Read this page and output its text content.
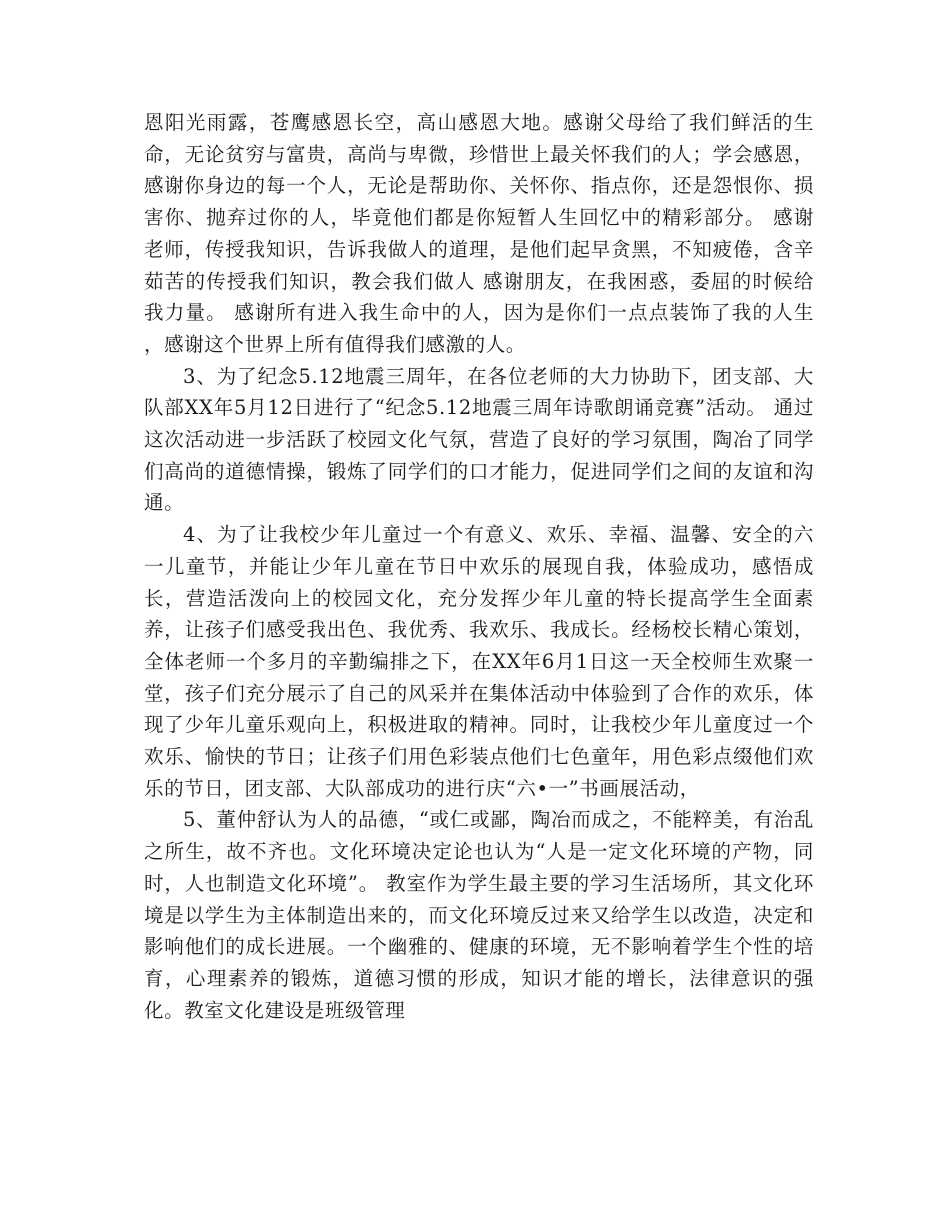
恩阳光雨露，苍鹰感恩长空，高山感恩大地。感谢父母给了我们鲜活的生命，无论贫穷与富贵，高尚与卑微，珍惜世上最关怀我们的人；学会感恩，感谢你身边的每一个人，无论是帮助你、关怀你、指点你，还是怨恨你、损害你、抛弃过你的人，毕竟他们都是你短暂人生回忆中的精彩部分。 感谢老师，传授我知识，告诉我做人的道理，是他们起早贪黑，不知疲倦，含辛茹苦的传授我们知识，教会我们做人 感谢朋友，在我困惑，委屈的时候给我力量。 感谢所有进入我生命中的人，因为是你们一点点装饰了我的人生 ，感谢这个世界上所有值得我们感激的人。

3、为了纪念5.12地震三周年，在各位老师的大力协助下，团支部、大队部XX年5月12日进行了“纪念5.12地震三周年诗歌朗诵竞赛”活动。 通过这次活动进一步活跃了校园文化气氛，营造了良好的学习氛围，陶冶了同学们高尚的道德情操，锻炼了同学们的口才能力，促进同学们之间的友谊和沟通。

4、为了让我校少年儿童过一个有意义、欢乐、幸福、温馨、安全的六一儿童节，并能让少年儿童在节日中欢乐的展现自我，体验成功，感悟成长，营造活泼向上的校园文化，充分发挥少年儿童的特长提高学生全面素养，让孩子们感受我出色、我优秀、我欢乐、我成长。经杨校长精心策划，全体老师一个多月的辛勤编排之下，在XX年6月1日这一天全校师生欢聚一堂，孩子们充分展示了自己的风采并在集体活动中体验到了合作的欢乐，体现了少年儿童乐观向上，积极进取的精神。同时，让我校少年儿童度过一个欢乐、愉快的节日；让孩子们用色彩装点他们七色童年，用色彩点缀他们欢乐的节日，团支部、大队部成功的进行庆“六•一”书画展活动，

5、董仲舒认为人的品德，“或仁或鄙，陶冶而成之，不能粹美，有治乱之所生，故不齐也。文化环境决定论也认为“人是一定文化环境的产物，同时，人也制造文化环境”。 教室作为学生最主要的学习生活场所，其文化环境是以学生为主体制造出来的，而文化环境反过来又给学生以改造，决定和影响他们的成长进展。一个幽雅的、健康的环境，无不影响着学生个性的培育，心理素养的锻炼，道德习惯的形成，知识才能的增长，法律意识的强化。教室文化建设是班级管理
